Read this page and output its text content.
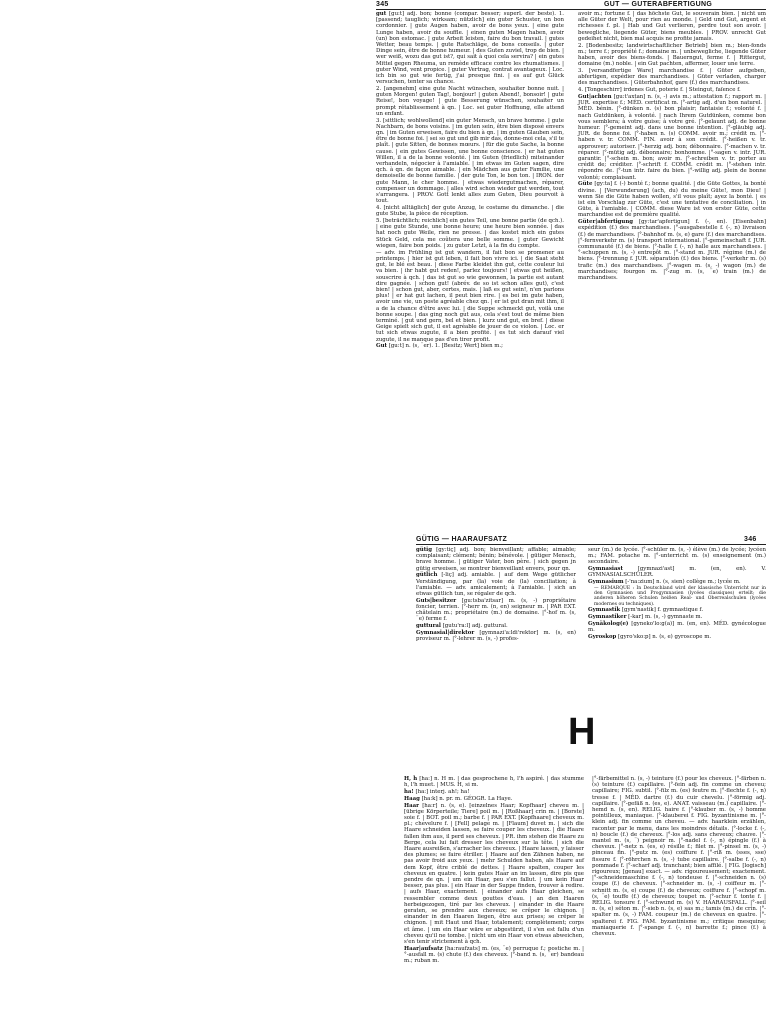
345	GUT — GUTERABFERTIGUNG

gut [gu:t] adj. bon; bonne (compar. besser; superl. der beste). 1. [passend; tauglich; wirksam; nützlich] ein guter Schuster, un bon cordonnier. | gute Augen haben, avoir de bons yeux. | eine gute Lunge haben, avoir du souffle. | einen guten Magen haben, avoir (un) bon estomac. | gute Arbeit leisten, faire du bon travail. | gutes Wetter, beau temps. | gute Ratschläge, de bons conseils. | guter Dinge sein, être de bonne humeur. | des Guten zuviel, trop de bien. | wer weiß, wozu das gut ist?, qui sait à quoi cela servira? | ein gutes Mittel gegen Rheuma, un remède efficace contre les rhumatismes. | guter Wind, vent propice. | guter Vertrag, contrat avantageux. | Loc. ich bin so gut wie fertig, j'ai presque fini. | es auf gut Glück versuchen, tenter sa chance.

2. [angenehm] eine gute Nacht wünschen, souhaiter bonne nuit. | guten Morgen! guten Tag!, bonjour! | guten Abend!, bonsoir! | gute Reise!, bon voyage! | gute Besserung wünschen, souhaiter un prompt rétablissement à qn. | Loc. sei guter Hoffnung, elle attend un enfant.

3. [sittlich; wohlwollend] ein guter Mensch, un brave homme. | gute Nachbarn, de bons voisins. | im guten sein, être bien disposé envers qn. | im Guten erweisen, faire du bien à qn. | im guten Glauben sein, être de bonne foi. | sei so gut und gib mir das, donne-moi cela, s'il te plaît. | gute Sitten, de bonnes mœurs. | für die gute Sache, la bonne cause. | ein gutes Gewissen, une bonne conscience. | er hat guten Willen, il a de la bonne volonté. | im Guten (friedlich) miteinander verhandeln, négocier à l'amiable. | im etwas im Guten sagen, dire qch. à qn. de façon aimable. | ein Mädchen aus guter Familie, une demoiselle de bonne famille. | der gute Ton, le bon ton. | IRON. der gute Mann, le cher homme. | etwas wiedergutmachen, réparer, compenser un dommage. | alles wird schon wieder gut werden, tout s'arrangera. | PROV. Gott lenkt alles zum Guten, Dieu pourvoit à tout.

4. [nicht alltäglich] der gute Anzug, le costume du dimanche. | die gute Stube, la pièce de réception.

5. [beträchtlich; reichlich] ein gutes Teil, une bonne partie (de qch.). | eine gute Stunde, une bonne heure; une heure bien sonnée. | das hat noch gute Weile, rien ne presse. | das kostet mich ein gutes Stück Geld, cela me coûtera une belle somme. | guter Gewicht wiegen, faire bon poids. | zu guter Letzt, à la fin du compte.

— adv. im Frühling ist gut wandern, il fait bon se promener au printemps. | hier ist gut leben, il fait bon vivre ici. | die Saat steht gut, le blé est beau. | diese Farbe kleidet ihn gut, cette couleur lui va bien. | ihr habt gut reden!, parlez toujours! | etwas gut heißen, souscrire à qch. | das ist gut so wie gewonnen, la partie est autant dire gagnée. | schon gut! (abrév. de so ist schon alles gut), c'est bien! | schon gut, aber, certes, mais. | laß es gut sein!, n'en parlons plus! | er hat gut lachen, il peut bien rire. | es bei im gute haben, avoir une vie, un poste agréable chez qn. | er ist gut dran mit ihm, il a de la chance d'être avec lui. | die Suppe schmeckt gut, voilà une bonne soupe. | das ging noch gut aus, cela s'est tout de même bien terminé. | gut und gern, bel et bien. | kurz und gut, en bref. | diese Geige spielt sich gut, il est agréable de jouer de ce violon. | Loc. er tut sich etwas zugute, il a bien profité. | es tut sich darauf viel zugute, il ne manque pas d'en tirer profit.

Gut [gu:t] n. (s, ¨er). 1. [Besitz; Wert] bien m.;

avoir m.; fortune f. | das höchste Gut, le souverain bien. | nicht um alle Güter der Welt, pour rien au monde. | Geld und Gut, argent et richesses f. pl. | Hab und Gut verlieren, perdre tout son avoir. | bewegliche, liegende Güter, biens meubles. | PROV. unrecht Gut gedeihet nicht, bien mal acquis ne profite jamais.

2. [Bodenbesitz; landwirtschaftlicher Betrieb] bien m.; bien-fonds m.; terre f.; propriété f.; domaine m. | unbewegliche, liegende Güter haben, avoir des biens-fonds. | Bauerngut, ferme f. | Rittergut, domaine (m.) noble. | ein Gut pachten, affermer, louer une terre.

3. [versandfertige Ware] marchandise f. | Güter aufgeben, abfertigen, expédier des marchandises. | Güter verladen, charger des marchandises. | Güterbahnhof, gare (f.) des marchandises.

4. [Tongeschirr] irdenes Gut, poterie f. | Steingut, faïence f.

Gut|achten [gu:t'axtan] n. (s, -) avis m.; attestation f.; rapport m. | JUR. expertise f.; MÉD. certificat m. |°-artig adj. d'un bon naturel. | MÉD. bénin. |°-dünken n. (s) bon plaisir; fantaisie f.; volonté f. | nach Gutdünken, à volonté. | nach Ihrem Gutdünken, comme bon vous semblera; à votre guise; à votre gré. |°-gelaunt adj. de bonne humeur. |°-gemeint adj. dans une bonne intention. |°-gläubig adj. JUR. de bonne foi. |°-haben n. (s) COMM. avoir m.; crédit m. |°-haben v. tr. COMM. FIN. avoir à son crédit. |°-heißen v. tr. approuver; autoriser. |°-herzig adj. bon; débonnaire. |°-machen v. tr. réparer. |°-mütig adj. débonnaire; bonhomme. |°-sagen v. intr. JUR. garantir. |°-schein m. bon; avoir m. |°-schreiben v. tr. porter au crédit de; créditer. |°-schrift f. COMM. crédit m. |°-stehen intr. répondre de. |°-tun intr. faire du bien. |°-willig adj. plein de bonne volonté; complaisant.

Güte [gy:ta] f. (-) bonté f.; bonne qualité. | die Güte Gottes, la bonté divine. | [Verwunderung] (ach, du) du meine Güte!, mon Dieu! | wenn Sie die Güte haben wollen, s'il vous plaît; ayez la bonté. | es ist ein Vorschlag zur Güte, c'est une tentative de conciliation. | in Güte, à l'amiable. | COMM. diese Ware ist von erster Güte, cette marchandise est de première qualité.

Güter|abfertigung [gy:tar'apfertigun] f. (-, en). [Eisenbahn] expédition (f.) des marchandises. |°-ausgabestelle f. (-, n) livraison (f.) de marchandises. |°-bahnhof m. (s, e) gare (f.) des marchandises. |°-fernverkehr m. (s) transport international. |°-gemeinschaft f. JUR. communauté (f.) de biens. |°-halle f. (-, n) halle aux marchandises. |°-schuppen m. (s, -) entrepôt m. |°-stand m. JUR. régime (m.) de biens. |°-trennung f. JUR. séparation (f.) des biens. |°-verkehr m. (s) trafic (m.) des marchandises. |°-wagen m. (s, -) wagon (m.) de marchandises; fourgon m. |°-zug m. (s, ¨e) train (m.) de marchandises.

GÜTIG — HAARAUFSATZ	346

gütig [gy:tiç] adj. bon; bienveillant; affable; aimable; complaisant; clément; bénin; bénévole. | gütiger Mensch, brave homme. | gütiger Vater, bon père. | sich gegen jn gütig erweisen, se montrer bienveillant envers, pour qn.

gütlich [-liç] adj. amiable. | auf dem Wege gütlicher Verständigung, par (la) voie de (la) conciliation; à l'amiable. — adv. amicalement; à l'amiable. | sich an etwas gütlich tun, se régaler de qch.

Guts|besitzer [gu:tsba'zitsar] m. (s, -) propriétaire foncier, terrien. |°-herr m. (n, en) seigneur m. | PAR EXT. châtelain m.; propriétaire (m.) de domaine. |°-hof m. (s, ¨e) ferme f.

guttural [gutu'ra:l] adj. guttural.

Gymnasial|direktor [gymnazi'a:ldi'rektor] m. (s, en) proviseur m. |°-lehrer m. (s, -) profes-

seur (m.) de lycée. |°-schüler m. (s, -) élève (m.) de lycée; lycéen m.; FAM. potache m. |°-unterricht m. (s) enseignement (m.) secondaire.

Gymnasiast	[gymnazi'ast] m. (en, en). V. GYMNASIALSCHÜLER.

Gymnasium [-'na:zium] n. (s, sien) collège m.; lycée m.

— REMARQUE : In Deutschland wird der klassische Unterricht nur in den Gymnasien und Progymnasien (lycées classiques) erteilt; die anderen höheren Schulen heißen Real- und Oberrealschulen (lycées modernes ou techniques).

Gymnastik [gym'nastik] f. gymnastique f.

Gymnastiker [-kar] m. (s, -) gymnaste m.

Gynäkolog(e) [gyneko'lo:g(a)] m. (en, en). MÉD. gynécologue m.

Gyroskop [gyro'sko:p] n. (s, e) gyroscope m.

H

H, h [ha:] n. H m. | das gesprochene h, l'h aspiré. | das stumme h, l'h muet. | MUS. H, si m.

ha! [ha:] interj. ah!; ha!

Haag [ha:k] n. pr. m. GÉOGR. La Haye.

Haar [ha:r] n. (s, e). [einzelnes Haar; Kopfhaar] cheveu m. | [übrige Körperteile; Tiere] poil m. | [Roßhaar] crin m. | [Borste] soie f. | BOT. poil m.; barbe f. | PAR EXT. [Kopfhaare] cheveux m. pl.; chevelure f. | [Fell] pelage m. | [Flaum] duvet m. | sich die Haare schneiden lassen, se faire couper les cheveux. | die Haare fallen ihm aus, il perd ses cheveux. | PR. ihm stehen die Haare zu Berge, cela lui fait dresser les cheveux sur la tête. | sich die Haare ausreißen, s'arracher les cheveux. | Haare lassen, y laisser des plumes; se faire étriller. | Haare auf den Zähnen haben, ne pas avoir froid aux yeux. | mehr Schulden haben, als Haare auf dem Kopf, être criblé de dettes. | Haare spalten, couper les cheveux en quatre. | kein gutes Haar an im lassen, dire pis que pendre de qn. | um ein Haar, peu s'en fallut. | um kein Haar besser, pas plus. | ein Haar in der Suppe finden, trouver à redire. | aufs Haar, exactement. | einander aufs Haar gleichen, se ressembler comme deux gouttes d'eau. | an den Haaren herbeigezogen, tiré par les cheveux. | einander in die Haare geraten, se prendre aux cheveux; se crêper le chignon. | einander in den Haaren liegen, être aux prises; se crêper le chignon. | mit Haut und Haar, totalement; complètement; corps et âme. | um ein Haar wäre er abgestürzt, il s'en est fallu d'un cheveu qu'il ne tombe. | nicht um ein Haar von etwas abweichen, s'en tenir strictement à qch.

Haar|aufsatz [ha:raufzats] m. (es, ¨e) perruque f.; postiche m. |°-ausfall m. (s) chute (f.) des cheveux. |°-band n. (s, ¨er) bandeau m.; ruban m.

|°-färbemittel n. (s, -) teinture (f.) pour les cheveux. |°-färben n. (s) teinture (f.) capillaire. |°-fein adj. fin comme un cheveu; capillaire; FIG. subtil. |°-filz m. (es) feutre m. |°-flechte f. (-, n) tresse f. | MÉD. dartre (f.) du cuir chevelu. |°-förmig adj. capillaire. |°-gefäß n. (es, e). ANAT. vaisseau (m.) capillaire. |°-hemd n. (s, en). RELIG. haire f. |°-klauber m. (s, -) homme pointilleux, maniaque. |°-klauberei f. FIG. byzantinisme m. |°-klein adj. fin comme un cheveu. — adv. haarklein erzählen, raconter par le menu, dans les moindres détails. |°-locke f. (-, n) boucle (f.) de cheveux. |°-los adj. sans cheveux; chauve. |°-mantel m. (s, ¨) peignoir m. |°-nadel f. (-, n) épingle (f.) à cheveux. |°-netz n. (es, e) résille f.; filet m. |°-pinsel m. (s, -) pinceau fin. |°-putz m. (es) coiffure f. |°-riß m. (sses, sse) fissure f. |°-röhrchen n. (s, -) tube capillaire. |°-salbe f. (-, n) pommade f. |°-scharf adj. tranchant; bien affilé. | FIG. [logisch] rigoureux; [genau] exact. — adv. rigoureusement; exactement. |°-schneidemaschine f. (-, n) tondeuse f. |°-schneiden n. (s) coupe (f.) de cheveux. |°-schneider m. (s, -) coiffeur m. |°-schnitt m. (s, e) coupe (f.) de cheveux; coiffure f. |°-schopf m. (s, ¨e) touffe (f.) de cheveux; toupet m. |°-schur f. tonte f. | RELIG. tonsure f. |°-schwund m. (s) V. HAARAUSFALL. |°-seil n. (s, e) séton m. |°-sieb n. (s, e) sas m.; tamis (m.) de crin. |°-spalter m. (s, -) FAM. coupeur (m.) de cheveux en quatre. |°-spalterei f. FIG. FAM. byzantinisme m.; critique mesquine; maniaquerie f. |°-spange f. (-, n) barrette f.; pince (f.) à cheveux.
